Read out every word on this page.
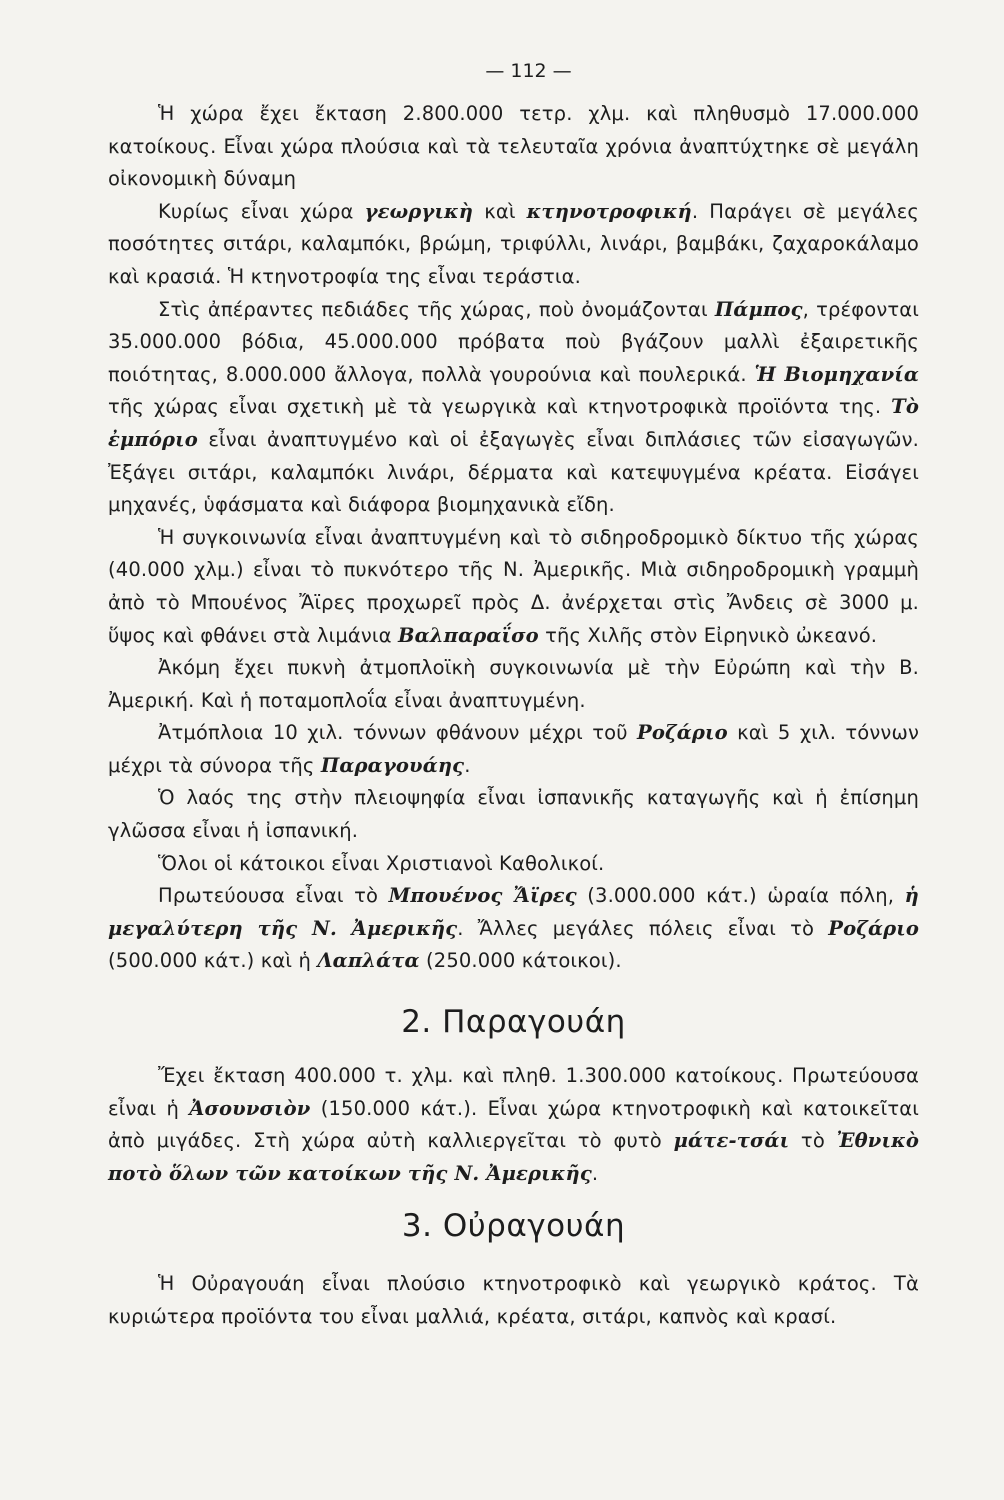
— 112 —

Ἡ χώρα ἔχει ἔκταση 2.800.000 τετρ. χλμ. καὶ πληθυσμὸ 17.000.000 κατοίκους. Εἶναι χώρα πλούσια καὶ τὰ τελευταῖα χρόνια ἀναπτύχτηκε σὲ μεγάλη οἰκονομικὴ δύναμη

Κυρίως εἶναι χώρα γεωργικὴ καὶ κτηνοτροφική. Παράγει σὲ μεγάλες ποσότητες σιτάρι, καλαμπόκι, βρώμη, τριφύλλι, λινάρι, βαμβάκι, ζαχαροκάλαμο καὶ κρασιά. Ἡ κτηνοτροφία της εἶναι τεράστια.

Στὶς ἀπέραντες πεδιάδες τῆς χώρας, ποὺ ὀνομάζονται Πάμπος, τρέφονται 35.000.000 βόδια, 45.000.000 πρόβατα ποὺ βγάζουν μαλλὶ ἐξαιρετικῆς ποιότητας, 8.000.000 ἄλλογα, πολλὰ γουρούνια καὶ πουλερικά. Ἡ Βιομηχανία τῆς χώρας εἶναι σχετικὴ μὲ τὰ γεωργικὰ καὶ κτηνοτροφικὰ προϊόντα της. Τὸ ἐμπόριο εἶναι ἀναπτυγμένο καὶ οἱ ἐξαγωγὲς εἶναι διπλάσιες τῶν εἰσαγωγῶν. Ἐξάγει σιτάρι, καλαμπόκι λινάρι, δέρματα καὶ κατεψυγμένα κρέατα. Εἰσάγει μηχανές, ὑφάσματα καὶ διάφορα βιομηχανικὰ εἴδη.

Ἡ συγκοινωνία εἶναι ἀναπτυγμένη καὶ τὸ σιδηροδρομικὸ δίκτυο τῆς χώρας (40.000 χλμ.) εἶναι τὸ πυκνότερο τῆς Ν. Ἀμερικῆς. Μιὰ σιδηροδρομικὴ γραμμὴ ἀπὸ τὸ Μπουένος Ἄϊρες προχωρεῖ πρὸς Δ. ἀνέρχεται στὶς Ἄνδεις σὲ 3000 μ. ὕψος καὶ φθάνει στὰ λιμάνια Βαλπαραΐσο τῆς Χιλῆς στὸν Εἰρηνικὸ ὠκεανό.

Ἀκόμη ἔχει πυκνὴ ἀτμοπλοϊκὴ συγκοινωνία μὲ τὴν Εὐρώπη καὶ τὴν Β. Ἀμερική. Καὶ ἡ ποταμοπλοΐα εἶναι ἀναπτυγμένη.

Ἀτμόπλοια 10 χιλ. τόννων φθάνουν μέχρι τοῦ Ροζάριο καὶ 5 χιλ. τόννων μέχρι τὰ σύνορα τῆς Παραγουάης.

Ὁ λαός της στὴν πλειοψηφία εἶναι ἰσπανικῆς καταγωγῆς καὶ ἡ ἐπίσημη γλῶσσα εἶναι ἡ ἰσπανική.

Ὅλοι οἱ κάτοικοι εἶναι Χριστιανοὶ Καθολικοί.

Πρωτεύουσα εἶναι τὸ Μπουένος Ἄϊρες (3.000.000 κάτ.) ὡραία πόλη, ἡ μεγαλύτερη τῆς Ν. Ἀμερικῆς. Ἄλλες μεγάλες πόλεις εἶναι τὸ Ροζάριο (500.000 κάτ.) καὶ ἡ Λαπλάτα (250.000 κάτοικοι).

2. Παραγουάη

Ἔχει ἔκταση 400.000 τ. χλμ. καὶ πληθ. 1.300.000 κατοίκους. Πρωτεύουσα εἶναι ἡ Ἀσουνσιὸν (150.000 κάτ.). Εἶναι χώρα κτηνοτροφικὴ καὶ κατοικεῖται ἀπὸ μιγάδες. Στὴ χώρα αὐτὴ καλλιεργεῖται τὸ φυτὸ μάτε-τσάι τὸ Ἐθνικὸ ποτὸ ὅλων τῶν κατοίκων τῆς Ν. Ἀμερικῆς.

3. Οὐραγουάη

Ἡ Οὐραγουάη εἶναι πλούσιο κτηνοτροφικὸ καὶ γεωργικὸ κράτος. Τὰ κυριώτερα προϊόντα του εἶναι μαλλιά, κρέατα, σιτάρι, καπνὸς καὶ κρασί.
